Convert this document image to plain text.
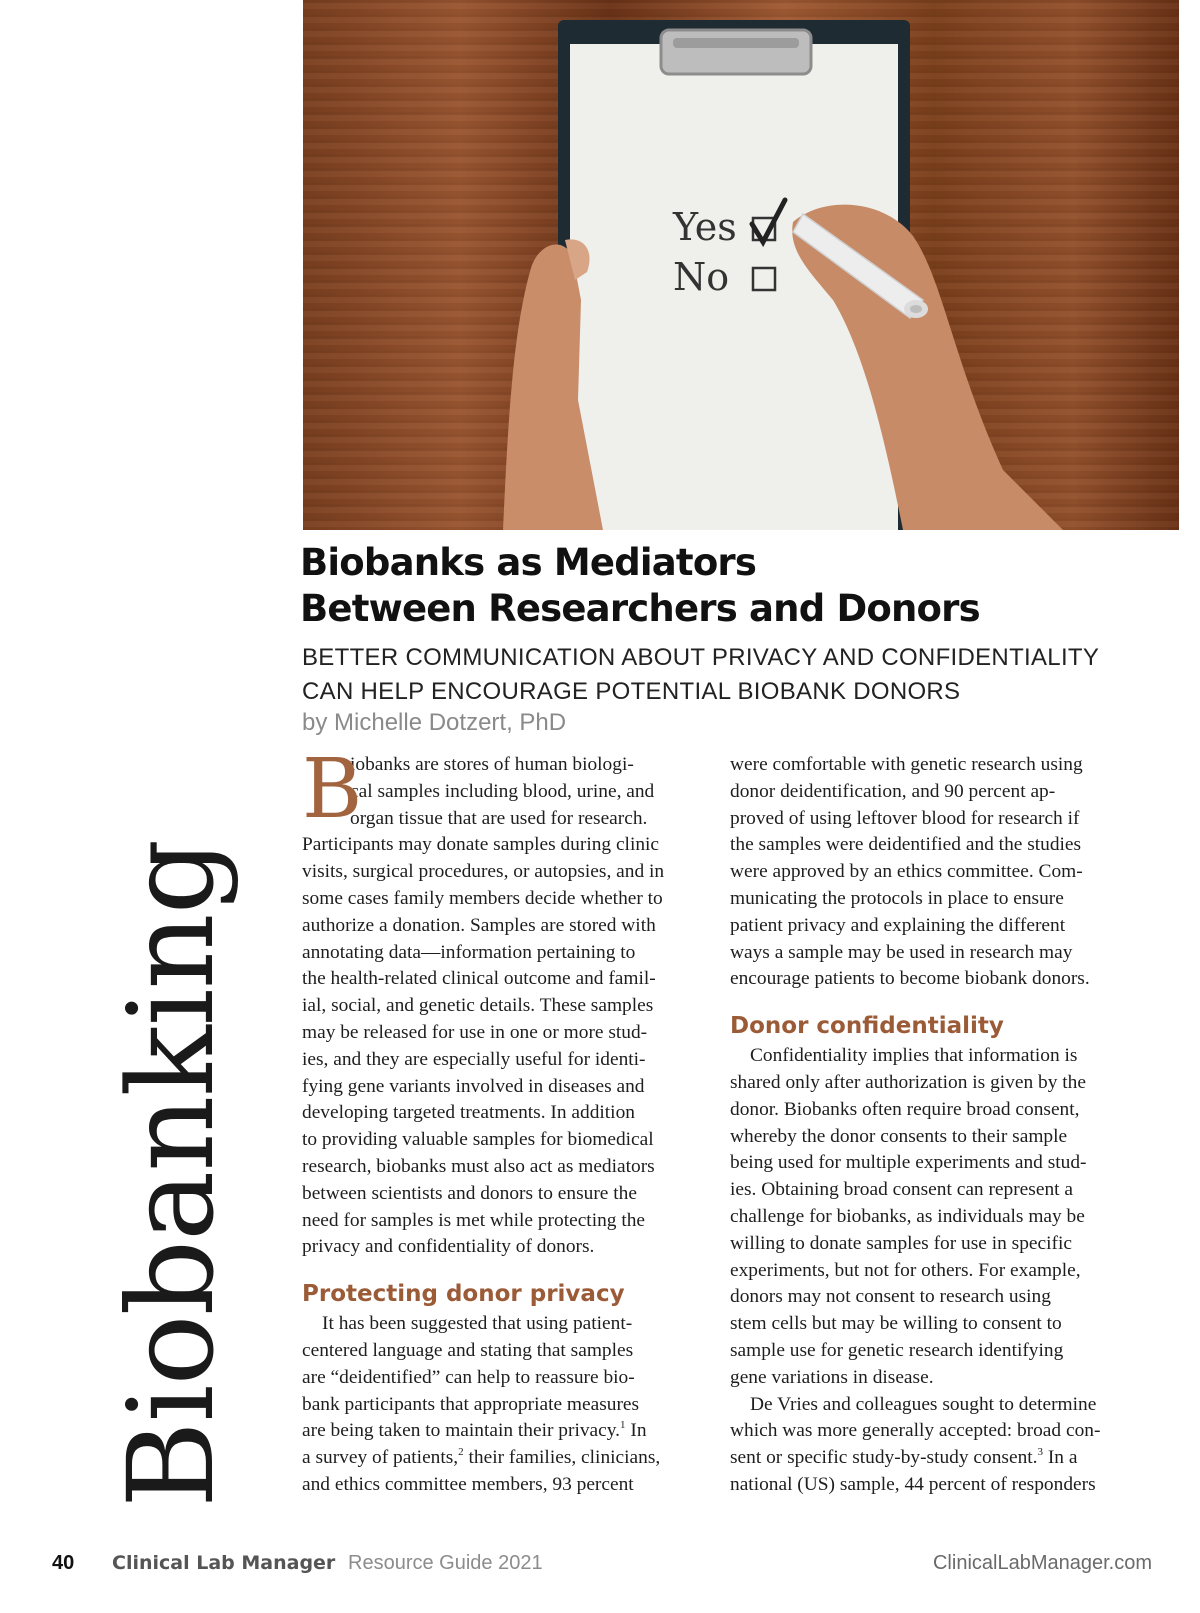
Yes
No
Biobanking
Biobanks as Mediators
Between Researchers and Donors
BETTER COMMUNICATION ABOUT PRIVACY AND CONFIDENTIALITY
CAN HELP ENCOURAGE POTENTIAL BIOBANK DONORS
by Michelle Dotzert, PhD
B
iobanks are stores of human biologi-
cal samples including blood, urine, and
organ tissue that are used for research.
Participants may donate samples during clinic
visits, surgical procedures, or autopsies, and in
some cases family members decide whether to
authorize a donation. Samples are stored with
annotating data—information pertaining to
the health-related clinical outcome and famil-
ial, social, and genetic details. These samples
may be released for use in one or more stud-
ies, and they are especially useful for identi-
fying gene variants involved in diseases and
developing targeted treatments. In addition
to providing valuable samples for biomedical
research, biobanks must also act as mediators
between scientists and donors to ensure the
need for samples is met while protecting the
privacy and confidentiality of donors.
Protecting donor privacy
It has been suggested that using patient-
centered language and stating that samples
are “deidentified” can help to reassure bio-
bank participants that appropriate measures
are being taken to maintain their privacy.$^1$ In
a survey of patients,$^2$ their families, clinicians,
and ethics committee members, 93 percent
were comfortable with genetic research using
donor deidentification, and 90 percent ap-
proved of using leftover blood for research if
the samples were deidentified and the studies
were approved by an ethics committee. Com-
municating the protocols in place to ensure
patient privacy and explaining the different
ways a sample may be used in research may
encourage patients to become biobank donors.
Donor confidentiality
Confidentiality implies that information is
shared only after authorization is given by the
donor. Biobanks often require broad consent,
whereby the donor consents to their sample
being used for multiple experiments and stud-
ies. Obtaining broad consent can represent a
challenge for biobanks, as individuals may be
willing to donate samples for use in specific
experiments, but not for others. For example,
donors may not consent to research using
stem cells but may be willing to consent to
sample use for genetic research identifying
gene variations in disease.
De Vries and colleagues sought to determine
which was more generally accepted: broad con-
sent or specific study-by-study consent.$^3$ In a
national (US) sample, 44 percent of responders
40 Clinical Lab Manager Resource Guide 2021	ClinicalLabManager.com
